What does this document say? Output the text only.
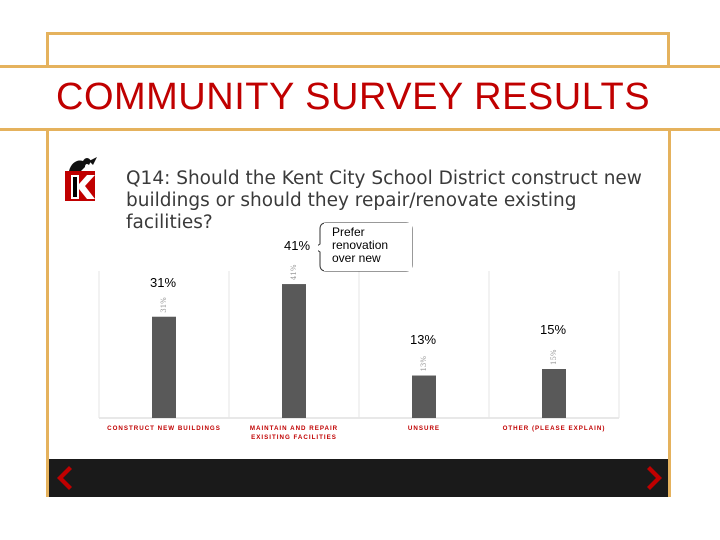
COMMUNITY SURVEY RESULTS

Q14: Should the Kent City School District construct new buildings or should they repair/renovate existing facilities?

31%
CONSTRUCT NEW BUILDINGS
41%
MAINTAIN AND REPAIR
EXISITING FACILITIES
13%
UNSURE
15%
OTHER (PLEASE EXPLAIN)
41%
31%
13%
15%
Prefer
renovation
over new
